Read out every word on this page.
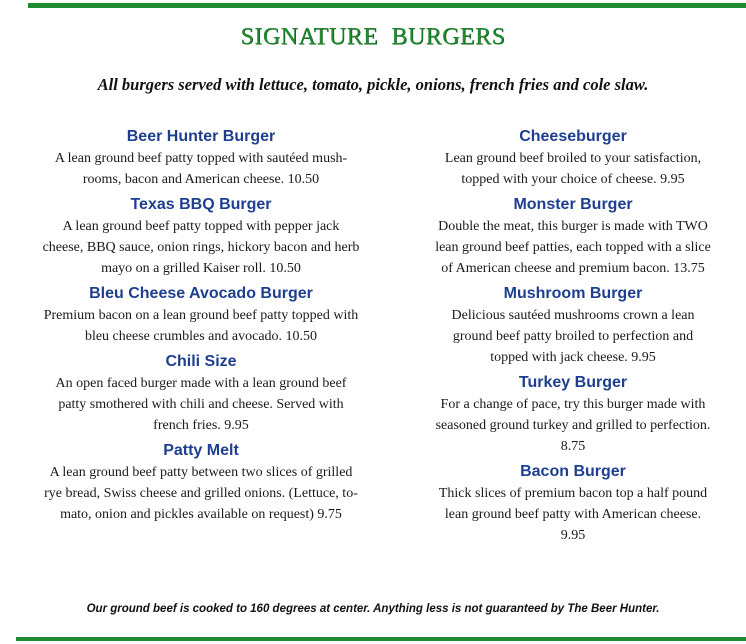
SIGNATURE  BURGERS
All burgers served with lettuce, tomato, pickle, onions, french fries and cole slaw.
Beer Hunter Burger
A lean ground beef patty topped with sautéed mush-
rooms, bacon and American cheese. 10.50
Texas BBQ Burger
A lean ground beef patty topped with pepper jack
cheese, BBQ sauce, onion rings, hickory bacon and herb
mayo on a grilled Kaiser roll. 10.50
Bleu Cheese Avocado Burger
Premium bacon on a lean ground beef patty topped with
bleu cheese crumbles and avocado. 10.50
Chili Size
An open faced burger made with a lean ground beef
patty smothered with chili and cheese. Served with
french fries. 9.95
Patty Melt
A lean ground beef patty between two slices of grilled
rye bread, Swiss cheese and grilled onions. (Lettuce, to-
mato, onion and pickles available on request) 9.75
Cheeseburger
Lean ground beef broiled to your satisfaction,
topped with your choice of cheese. 9.95
Monster Burger
Double the meat, this burger is made with TWO
lean ground beef patties, each topped with a slice
of American cheese and premium bacon. 13.75
Mushroom Burger
Delicious sautéed mushrooms crown a lean
ground beef patty broiled to perfection and
topped with jack cheese. 9.95
Turkey Burger
For a change of pace, try this burger made with
seasoned ground turkey and grilled to perfection.
8.75
Bacon Burger
Thick slices of premium bacon top a half pound
lean ground beef patty with American cheese.
9.95
Our ground beef is cooked to 160 degrees at center. Anything less is not guaranteed by The Beer Hunter.
